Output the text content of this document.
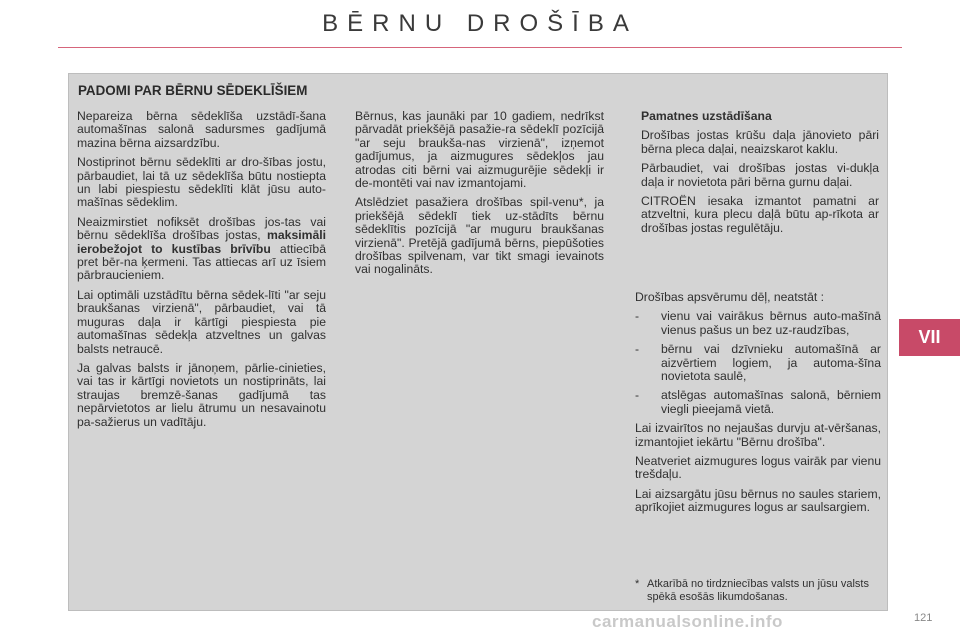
BĒRNU DROŠĪBA
VII
PADOMI PAR BĒRNU SĒDEKLĪŠIEM

Nepareiza bērna sēdeklīša uzstādī-šana automašīnas salonā sadursmes gadījumā mazina bērna aizsardzību.

Nostiprinot bērnu sēdeklīti ar dro-šības jostu, pārbaudiet, lai tā uz sēdeklīša būtu nostiepta un labi piespiestu sēdeklīti klāt jūsu auto-mašīnas sēdeklim.

Neaizmirstiet nofiksēt drošības jos-tas vai bērnu sēdeklīša drošības jostas, maksimāli ierobežojot to kustības brīvību attiecībā pret bēr-na ķermeni. Tas attiecas arī uz īsiem pārbraucieniem.

Lai optimāli uzstādītu bērna sēdek-līti "ar seju braukšanas virzienā", pārbaudiet, vai tā muguras daļa ir kārtīgi piespiesta pie automašīnas sēdekļa atzveltnes un galvas balsts netraucē.

Ja galvas balsts ir jānoņem, pārlie-cinieties, vai tas ir kārtīgi novietots un nostiprināts, lai straujas bremzē-šanas gadījumā tas nepārvietotos ar lielu ātrumu un nesavainotu pa-sažierus un vadītāju.

Bērnus, kas jaunāki par 10 gadiem, nedrīkst pārvadāt priekšējā pasažie-ra sēdeklī pozīcijā "ar seju braukša-nas virzienā", izņemot gadījumus, ja aizmugures sēdekļos jau atrodas citi bērni vai aizmugurējie sēdekļi ir de-montēti vai nav izmantojami.

Atslēdziet pasažiera drošības spil-venu*, ja priekšējā sēdeklī tiek uz-stādīts bērnu sēdeklītis pozīcijā "ar muguru braukšanas virzienā". Pretējā gadījumā bērns, piepūšoties drošības spilvenam, var tikt smagi ievainots vai nogalināts.

Pamatnes uzstādīšana

Drošības jostas krūšu daļa jānovieto pāri bērna pleca daļai, neaizskarot kaklu.

Pārbaudiet, vai drošības jostas vi-dukļa daļa ir novietota pāri bērna gurnu daļai.

CITROËN iesaka izmantot pamatni ar atzveltni, kura plecu daļā būtu ap-rīkota ar drošības jostas regulētāju.

Drošības apsvērumu dēļ, neatstāt :

-	vienu vai vairākus bērnus auto-mašīnā vienus pašus un bez uz-raudzības,
-	bērnu vai dzīvnieku automašīnā ar aizvērtiem logiem, ja automa-šīna novietota saulē,
-	atslēgas automašīnas salonā, bērniem viegli pieejamā vietā.

Lai izvairītos no nejaušas durvju at-vēršanas, izmantojiet iekārtu "Bērnu drošība".

Neatveriet aizmugures logus vairāk par vienu trešdaļu.

Lai aizsargātu jūsu bērnus no saules stariem, aprīkojiet aizmugures logus ar saulsargiem.

* Atkarībā no tirdzniecības valsts un jūsu valsts spēkā esošās likumdošanas.
carmanualsonline.info	121
